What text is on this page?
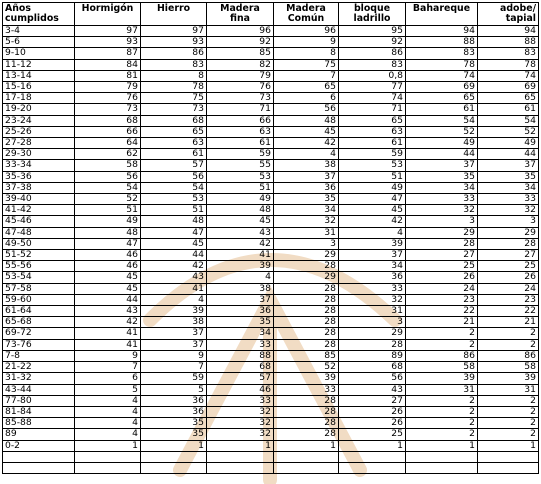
Años cumplidos	Hormigón	Hierro	Madera fina	Madera Común	bloque ladrillo	Bahareque	adobe/ tapial
3-4	97	97	96	96	95	94	94
5-6	93	93	92	9	92	88	88
9-10	87	86	85	8	86	83	83
11-12	84	83	82	75	83	78	78
13-14	81	8	79	7	0,8	74	74
15-16	79	78	76	65	77	69	69
17-18	76	75	73	6	74	65	65
19-20	73	73	71	56	71	61	61
23-24	68	68	66	48	65	54	54
25-26	66	65	63	45	63	52	52
27-28	64	63	61	42	61	49	49
29-30	62	61	59	4	59	44	44
33-34	58	57	55	38	53	37	37
35-36	56	56	53	37	51	35	35
37-38	54	54	51	36	49	34	34
39-40	52	53	49	35	47	33	33
41-42	51	51	48	34	45	32	32
45-46	49	48	45	32	42	3	3
47-48	48	47	43	31	4	29	29
49-50	47	45	42	3	39	28	28
51-52	46	44	41	29	37	27	27
55-56	46	42	39	28	34	25	25
53-54	45	43	4	29	36	26	26
57-58	45	41	38	28	33	24	24
59-60	44	4	37	28	32	23	23
61-64	43	39	36	28	31	22	22
65-68	42	38	35	28	3	21	21
69-72	41	37	34	28	29	2	2
73-76	41	37	33	28	28	2	2
7-8	9	9	88	85	89	86	86
21-22	7	7	68	52	68	58	58
31-32	6	59	57	39	56	39	39
43-44	5	5	46	33	43	31	31
77-80	4	36	33	28	27	2	2
81-84	4	36	32	28	26	2	2
85-88	4	35	32	28	26	2	2
89	4	35	32	28	25	2	2
0-2	1	1	1	1	1	1	1
